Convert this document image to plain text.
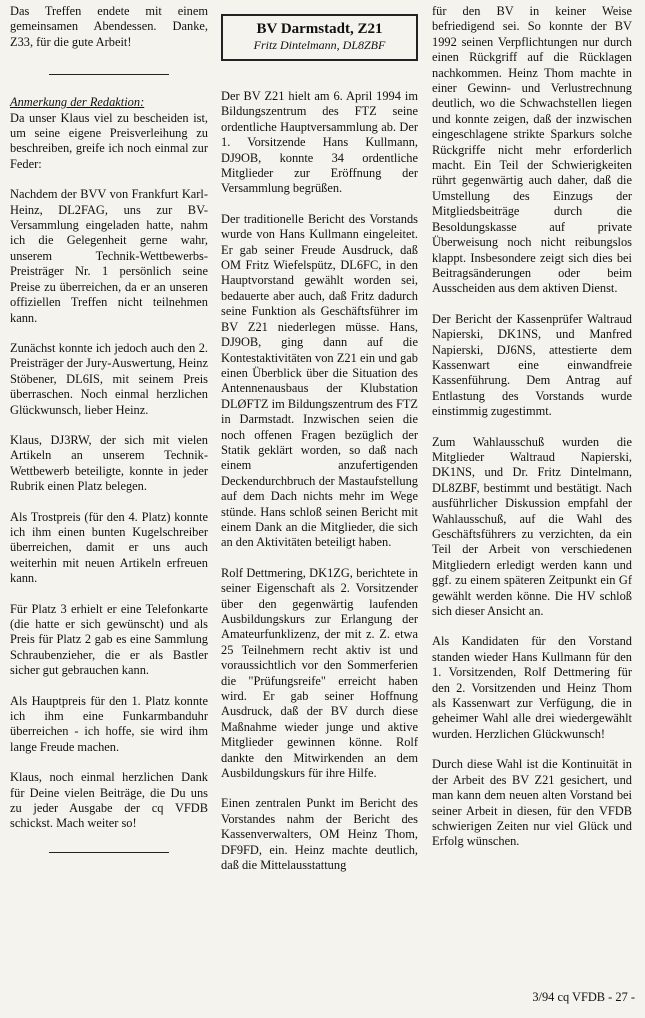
Das Treffen endete mit einem gemeinsamen Abendessen. Danke, Z33, für die gute Arbeit!

Anmerkung der Redaktion:
Da unser Klaus viel zu bescheiden ist, um seine eigene Preisverleihung zu beschreiben, greife ich noch einmal zur Feder:

Nachdem der BVV von Frankfurt Karl-Heinz, DL2FAG, uns zur BV-Versammlung eingeladen hatte, nahm ich die Gelegenheit gerne wahr, unserem Technik-Wettbewerbs-Preisträger Nr. 1 persönlich seine Preise zu überreichen, da er an unseren offiziellen Treffen nicht teilnehmen kann.

Zunächst konnte ich jedoch auch den 2. Preisträger der Jury-Auswertung, Heinz Stöbener, DL6IS, mit seinem Preis überraschen. Noch einmal herzlichen Glückwunsch, lieber Heinz.

Klaus, DJ3RW, der sich mit vielen Artikeln an unserem Technik-Wettbewerb beteiligte, konnte in jeder Rubrik einen Platz belegen.

Als Trostpreis (für den 4. Platz) konnte ich ihm einen bunten Kugelschreiber überreichen, damit er uns auch weiterhin mit neuen Artikeln erfreuen kann.

Für Platz 3 erhielt er eine Telefonkarte (die hatte er sich gewünscht) und als Preis für Platz 2 gab es eine Sammlung Schraubenzieher, die er als Bastler sicher gut gebrauchen kann.

Als Hauptpreis für den 1. Platz konnte ich ihm eine Funkarmbanduhr überreichen - ich hoffe, sie wird ihm lange Freude machen.

Klaus, noch einmal herzlichen Dank für Deine vielen Beiträge, die Du uns zu jeder Ausgabe der cq VFDB schickst. Mach weiter so!

BV Darmstadt, Z21
Fritz Dintelmann, DL8ZBF

Der BV Z21 hielt am 6. April 1994 im Bildungszentrum des FTZ seine ordentliche Hauptversammlung ab. Der 1. Vorsitzende Hans Kullmann, DJ9OB, konnte 34 ordentliche Mitglieder zur Eröffnung der Versammlung begrüßen.

Der traditionelle Bericht des Vorstands wurde von Hans Kullmann eingeleitet. Er gab seiner Freude Ausdruck, daß OM Fritz Wiefelspütz, DL6FC, in den Hauptvorstand gewählt worden sei, bedauerte aber auch, daß Fritz dadurch seine Funktion als Geschäftsführer im BV Z21 niederlegen müsse. Hans, DJ9OB, ging dann auf die Kontestaktivitäten von Z21 ein und gab einen Überblick über die Situation des Antennenausbaus der Klubstation DLØFTZ im Bildungszentrum des FTZ in Darmstadt. Inzwischen seien die noch offenen Fragen bezüglich der Statik geklärt worden, so daß nach einem anzufertigenden Deckendurchbruch der Mastaufstellung auf dem Dach nichts mehr im Wege stünde. Hans schloß seinen Bericht mit einem Dank an die Mitglieder, die sich an den Aktivitäten beteiligt haben.

Rolf Dettmering, DK1ZG, berichtete in seiner Eigenschaft als 2. Vorsitzender über den gegenwärtig laufenden Ausbildungskurs zur Erlangung der Amateurfunklizenz, der mit z. Z. etwa 25 Teilnehmern recht aktiv ist und voraussichtlich vor den Sommerferien die "Prüfungsreife" erreicht haben wird. Er gab seiner Hoffnung Ausdruck, daß der BV durch diese Maßnahme wieder junge und aktive Mitglieder gewinnen könne. Rolf dankte den Mitwirkenden an dem Ausbildungskurs für ihre Hilfe.

Einen zentralen Punkt im Bericht des Vorstandes nahm der Bericht des Kassenverwalters, OM Heinz Thom, DF9FD, ein. Heinz machte deutlich, daß die Mittelausstattung

für den BV in keiner Weise befriedigend sei. So konnte der BV 1992 seinen Verpflichtungen nur durch einen Rückgriff auf die Rücklagen nachkommen. Heinz Thom machte in einer Gewinn- und Verlustrechnung deutlich, wo die Schwachstellen liegen und konnte zeigen, daß der inzwischen eingeschlagene strikte Sparkurs solche Rückgriffe nicht mehr erforderlich macht. Ein Teil der Schwierigkeiten rührt gegenwärtig auch daher, daß die Umstellung des Einzugs der Mitgliedsbeiträge durch die Besoldungskasse auf private Überweisung noch nicht reibungslos klappt. Insbesondere zeigt sich dies bei Beitragsänderungen oder beim Ausscheiden aus dem aktiven Dienst.

Der Bericht der Kassenprüfer Waltraud Napierski, DK1NS, und Manfred Napierski, DJ6NS, attestierte dem Kassenwart eine einwandfreie Kassenführung. Dem Antrag auf Entlastung des Vorstands wurde einstimmig zugestimmt.

Zum Wahlausschuß wurden die Mitglieder Waltraud Napierski, DK1NS, und Dr. Fritz Dintelmann, DL8ZBF, bestimmt und bestätigt. Nach ausführlicher Diskussion empfahl der Wahlausschuß, auf die Wahl des Geschäftsführers zu verzichten, da ein Teil der Arbeit von verschiedenen Mitgliedern erledigt werden kann und ggf. zu einem späteren Zeitpunkt ein Gf gewählt werden könne. Die HV schloß sich dieser Ansicht an.

Als Kandidaten für den Vorstand standen wieder Hans Kullmann für den 1. Vorsitzenden, Rolf Dettmering für den 2. Vorsitzenden und Heinz Thom als Kassenwart zur Verfügung, die in geheimer Wahl alle drei wiedergewählt wurden. Herzlichen Glückwunsch!

Durch diese Wahl ist die Kontinuität in der Arbeit des BV Z21 gesichert, und man kann dem neuen alten Vorstand bei seiner Arbeit in diesen, für den VFDB schwierigen Zeiten nur viel Glück und Erfolg wünschen.

3/94 cq VFDB - 27 -
